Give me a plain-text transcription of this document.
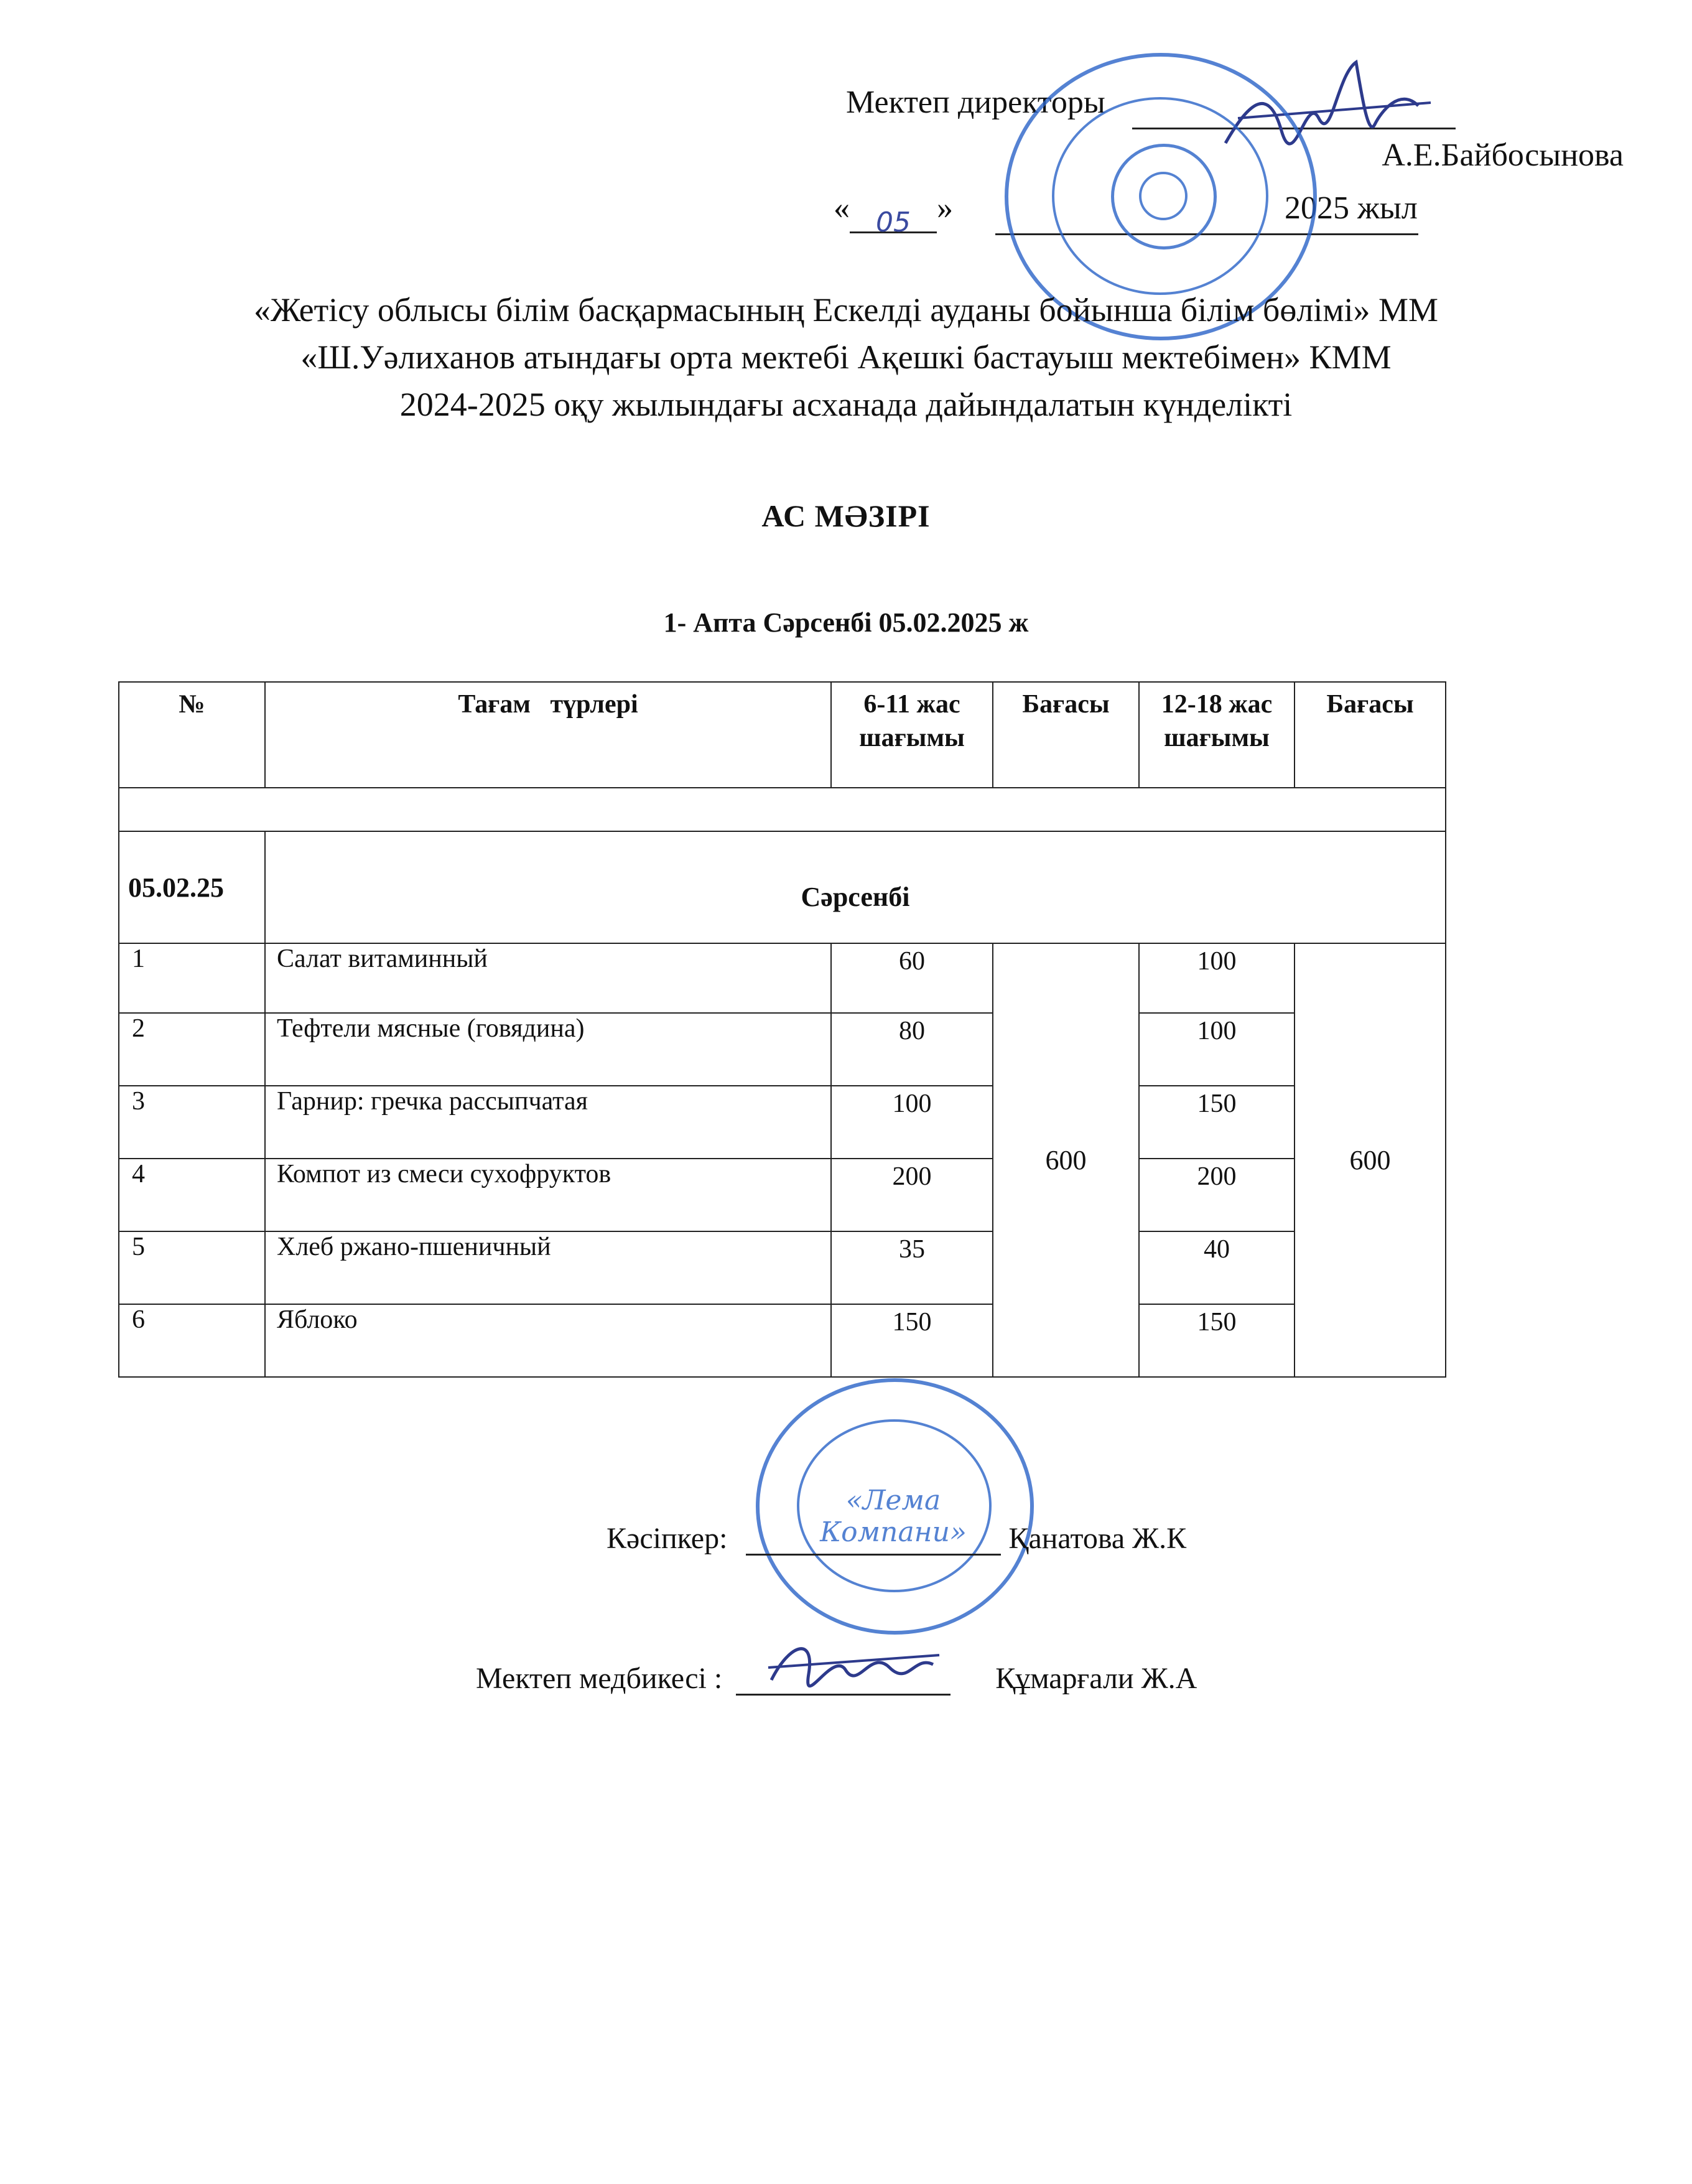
Мектеп директоры
А.Е.Байбосынова
« 05 »	2025 жыл
«Жетісу облысы білім басқармасының Ескелді ауданы бойынша білім бөлімі» ММ
«Ш.Уәлиханов атындағы орта мектебі Ақешкі бастауыш мектебімен» КММ
2024-2025 оқу жылындағы асханада дайындалатын күнделікті
АС МӘЗІРІ
1- Апта Сәрсенбі 05.02.2025 ж
№	Тағам   түрлері	6-11 жас шағымы	Бағасы	12-18 жас шағымы	Бағасы

05.02.25	Сәрсенбі				
1	Салат витаминный	60	600	100	600
2	Тефтели мясные (говядина)	80		100	
3	Гарнир: гречка рассыпчатая	100		150	
4	Компот из смеси сухофруктов	200		200	
5	Хлеб ржано-пшеничный	35		40	
6	Яблоко	150		150	
«Лема Компани»
Кәсіпкер:	Қанатова Ж.К
Мектеп медбикесі :	Құмарғали Ж.А
